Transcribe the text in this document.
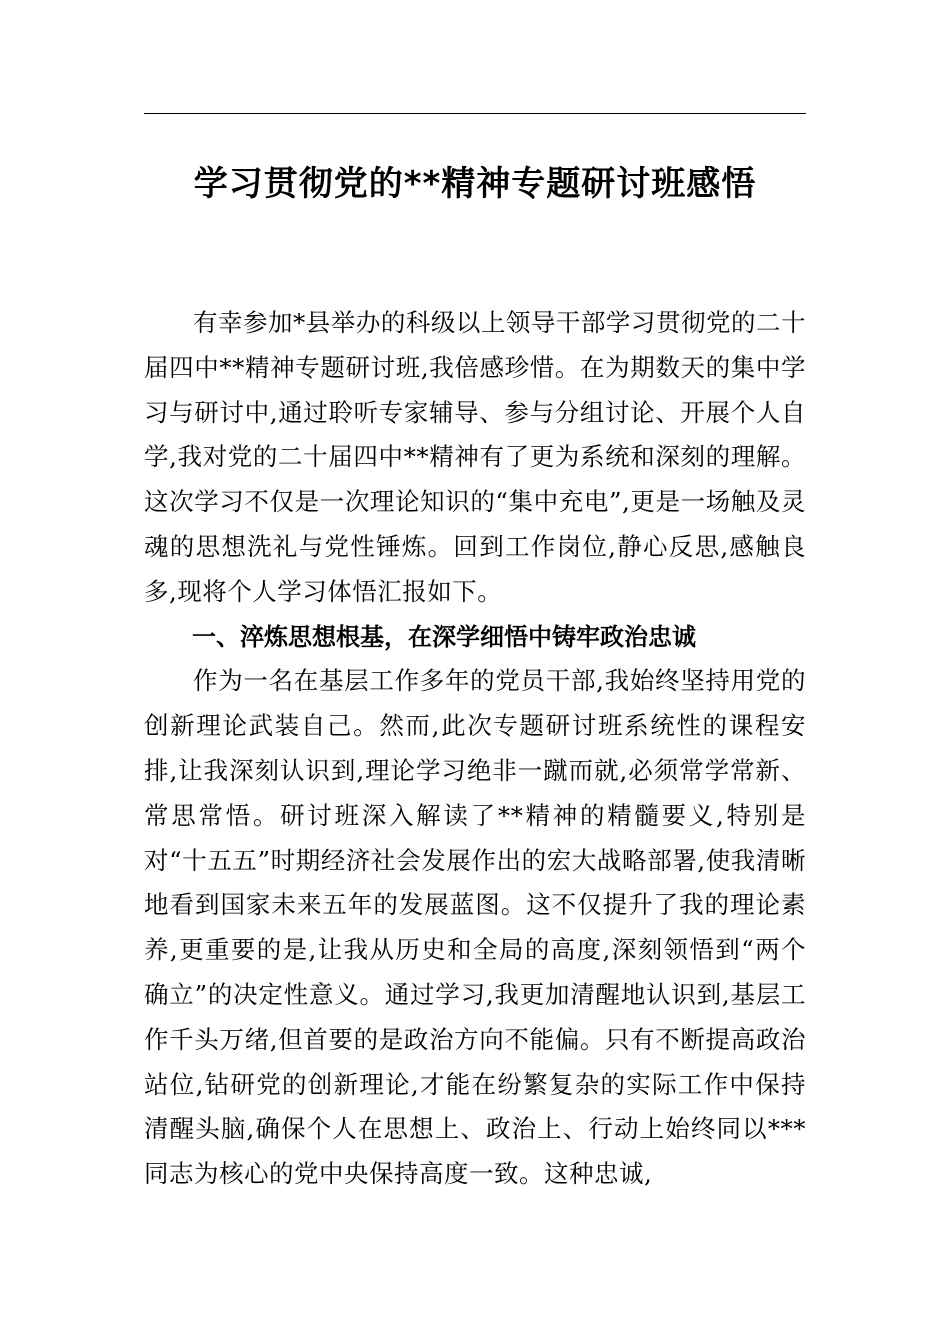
学习贯彻党的**精神专题研讨班感悟

有幸参加*县举办的科级以上领导干部学习贯彻党的二十届四中**精神专题研讨班,我倍感珍惜。在为期数天的集中学习与研讨中,通过聆听专家辅导、参与分组讨论、开展个人自学,我对党的二十届四中**精神有了更为系统和深刻的理解。这次学习不仅是一次理论知识的“集中充电”,更是一场触及灵魂的思想洗礼与党性锤炼。回到工作岗位,静心反思,感触良多,现将个人学习体悟汇报如下。

一、淬炼思想根基，在深学细悟中铸牢政治忠诚

作为一名在基层工作多年的党员干部,我始终坚持用党的创新理论武装自己。然而,此次专题研讨班系统性的课程安排,让我深刻认识到,理论学习绝非一蹴而就,必须常学常新、常思常悟。研讨班深入解读了**精神的精髓要义,特别是对“十五五”时期经济社会发展作出的宏大战略部署,使我清晰地看到国家未来五年的发展蓝图。这不仅提升了我的理论素养,更重要的是,让我从历史和全局的高度,深刻领悟到“两个确立”的决定性意义。通过学习,我更加清醒地认识到,基层工作千头万绪,但首要的是政治方向不能偏。只有不断提高政治站位,钻研党的创新理论,才能在纷繁复杂的实际工作中保持清醒头脑,确保个人在思想上、政治上、行动上始终同以***同志为核心的党中央保持高度一致。这种忠诚,
